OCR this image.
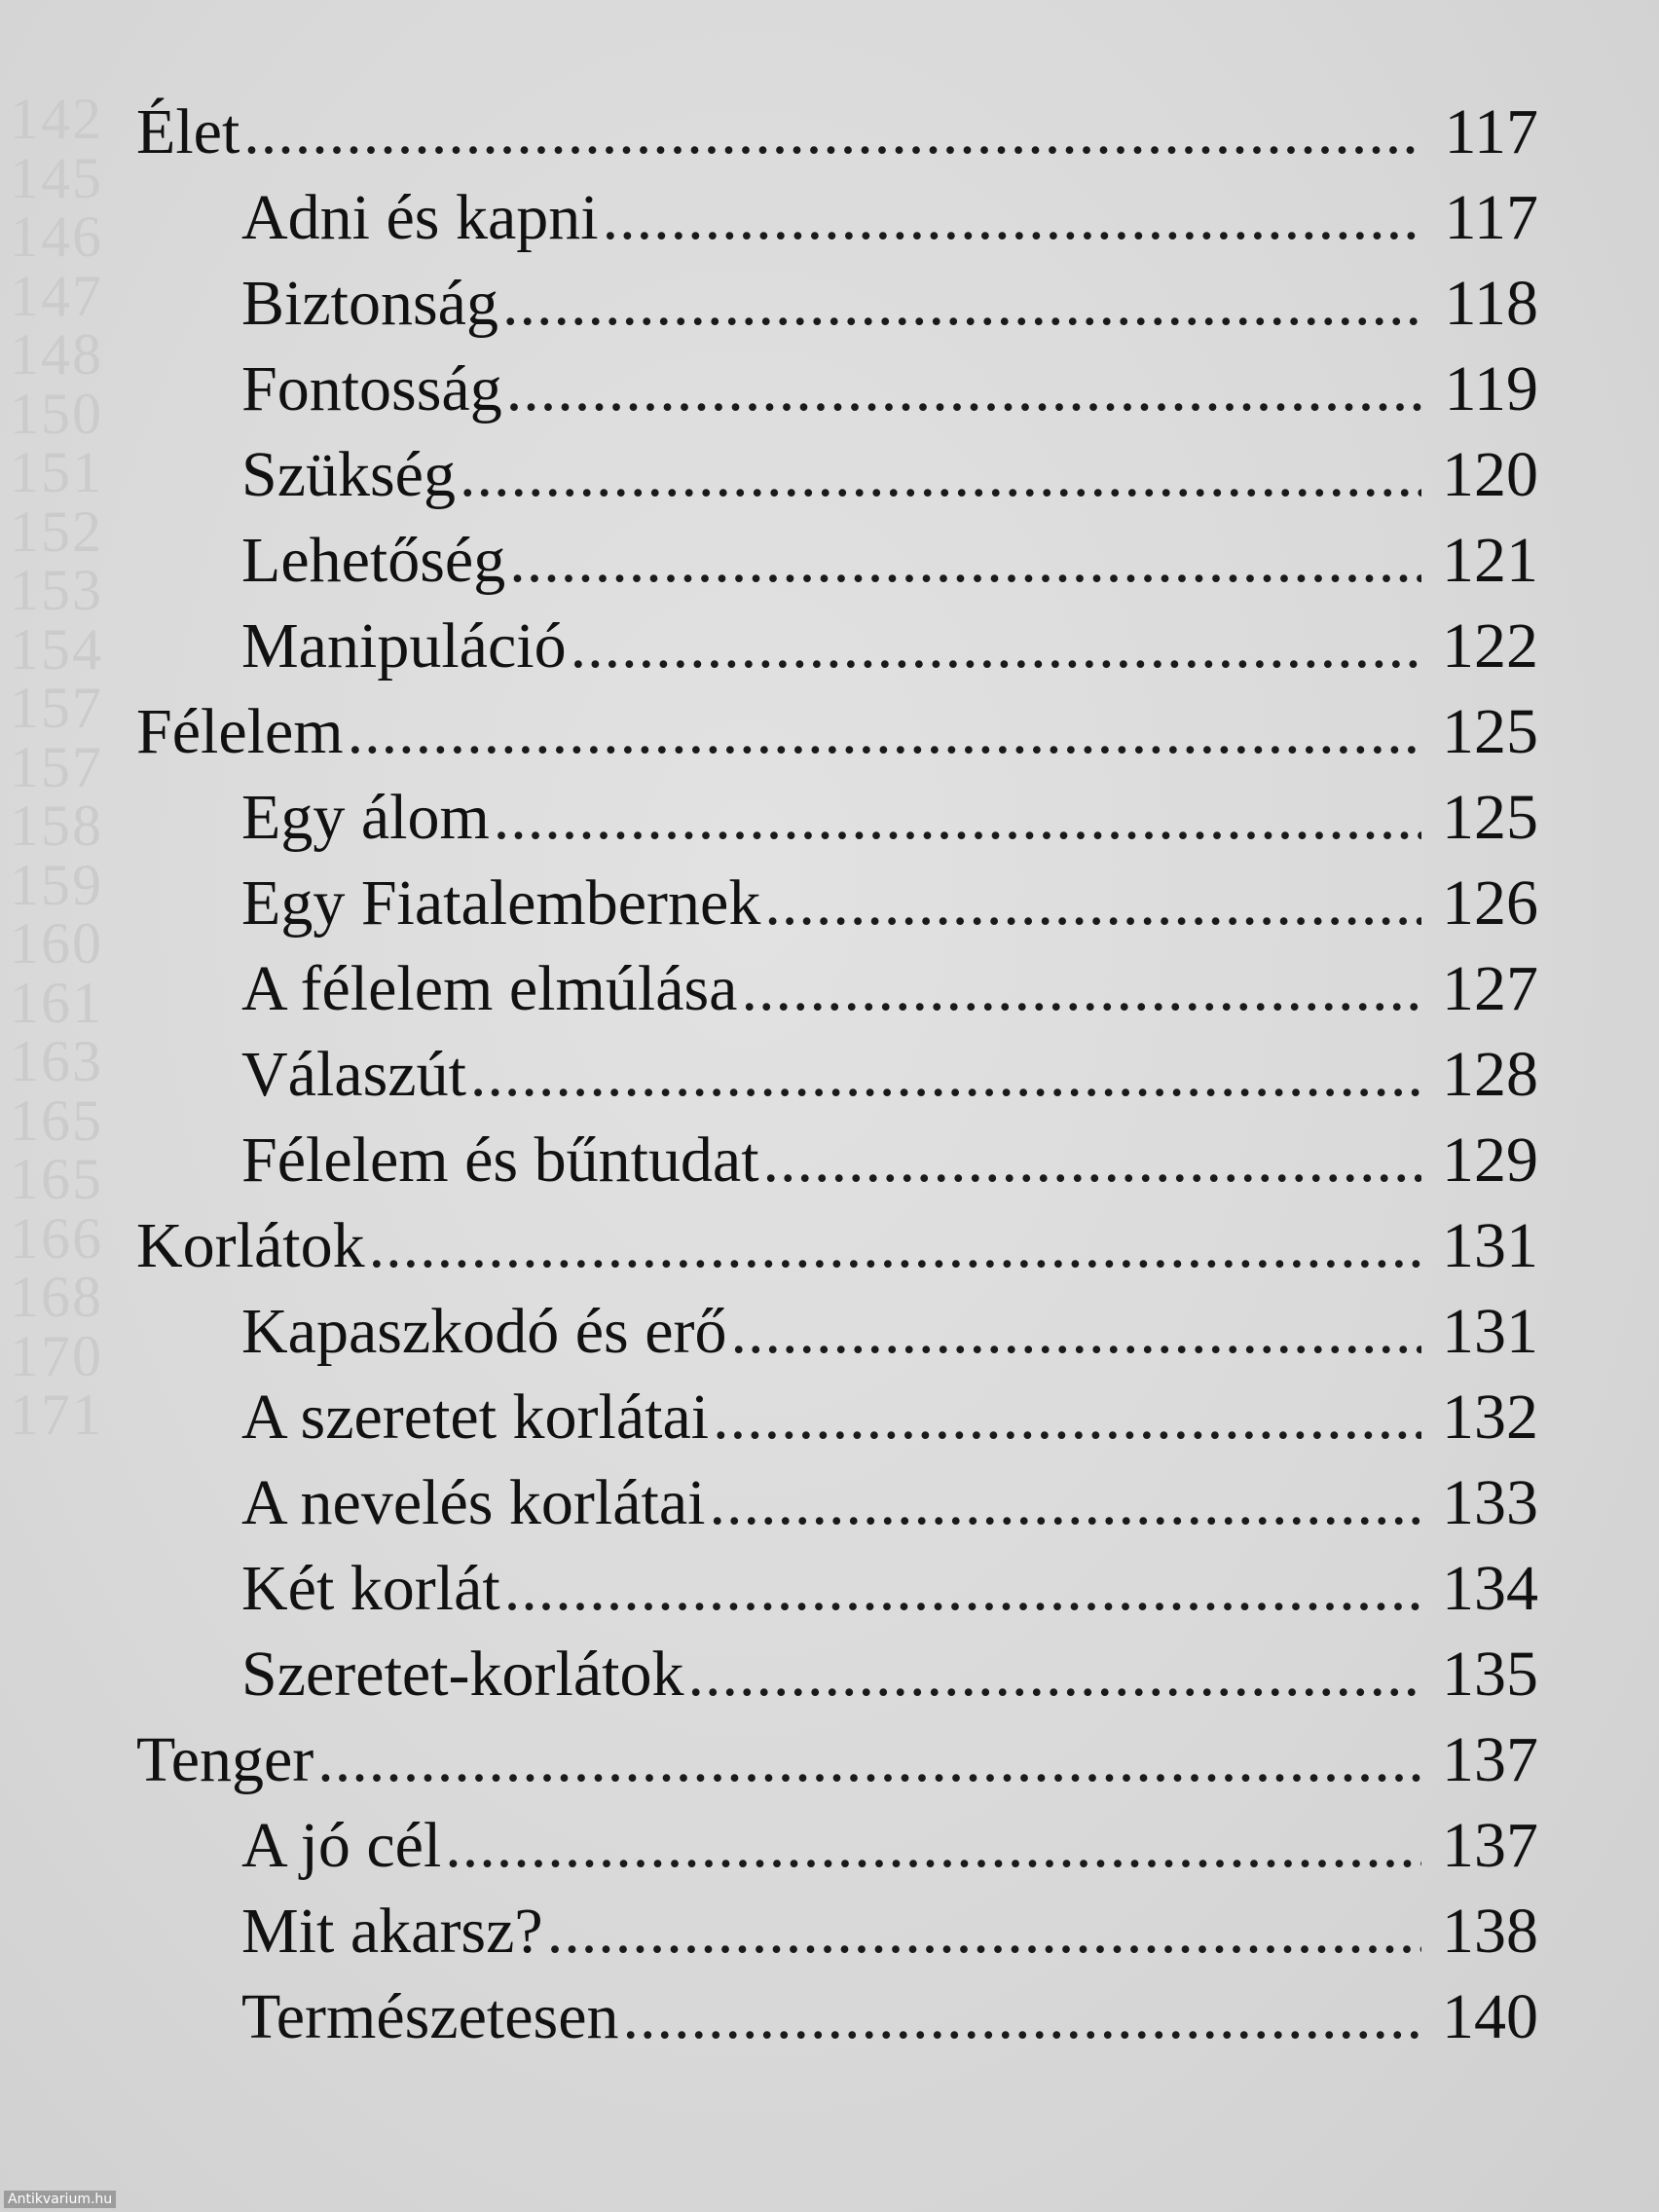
142
145
146
147
148
150
151
152
153
154
157
157
158
159
160
161
163
165
165
166
168
170
171
Élet .....	117
Adni és kapni .....	117
Biztonság .....	118
Fontosság .....	119
Szükség .....	120
Lehetőség .....	121
Manipuláció .....	122
Félelem .....	125
Egy álom .....	125
Egy Fiatalembernek .....	126
A félelem elmúlása .....	127
Válaszút .....	128
Félelem és bűntudat .....	129
Korlátok .....	131
Kapaszkodó és erő .....	131
A szeretet korlátai .....	132
A nevelés korlátai .....	133
Két korlát .....	134
Szeretet-korlátok .....	135
Tenger .....	137
A jó cél .....	137
Mit akarsz? .....	138
Természetesen .....	140
Antikvarium.hu
